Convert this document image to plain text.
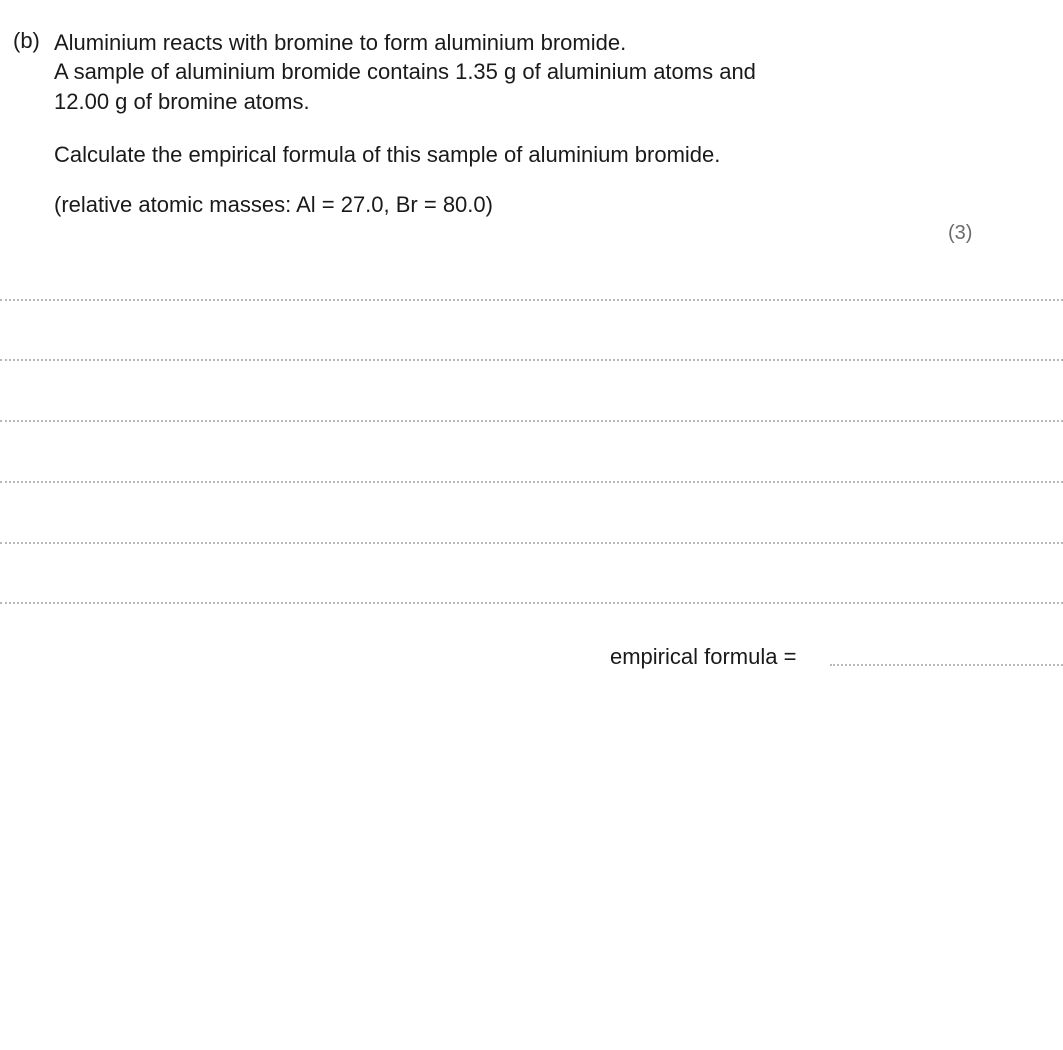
(b) Aluminium reacts with bromine to form aluminium bromide.
A sample of aluminium bromide contains 1.35 g of aluminium atoms and
12.00 g of bromine atoms.
Calculate the empirical formula of this sample of aluminium bromide.
(relative atomic masses: Al = 27.0, Br = 80.0)
(3)
empirical formula =
